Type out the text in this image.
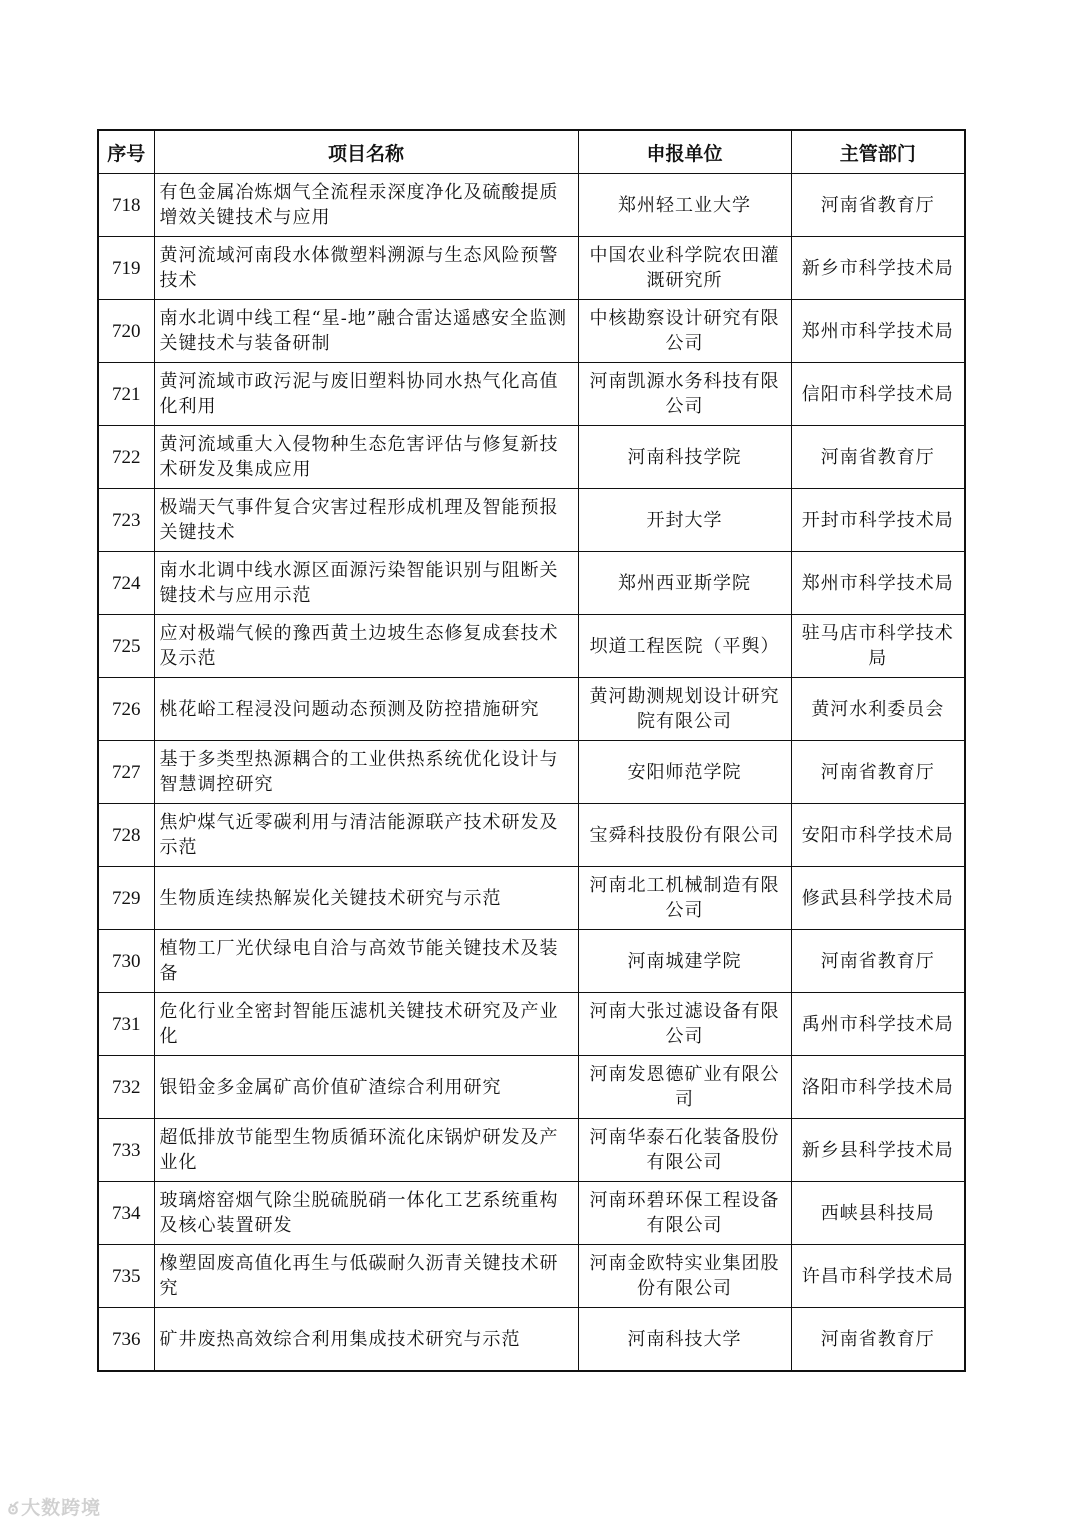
序号	项目名称	申报单位	主管部门
718	有色金属冶炼烟气全流程汞深度净化及硫酸提质增效关键技术与应用	郑州轻工业大学	河南省教育厅
719	黄河流域河南段水体微塑料溯源与生态风险预警技术	中国农业科学院农田灌溉研究所	新乡市科学技术局
720	南水北调中线工程“星-地”融合雷达遥感安全监测关键技术与装备研制	中核勘察设计研究有限公司	郑州市科学技术局
721	黄河流域市政污泥与废旧塑料协同水热气化高值化利用	河南凯源水务科技有限公司	信阳市科学技术局
722	黄河流域重大入侵物种生态危害评估与修复新技术研发及集成应用	河南科技学院	河南省教育厅
723	极端天气事件复合灾害过程形成机理及智能预报关键技术	开封大学	开封市科学技术局
724	南水北调中线水源区面源污染智能识别与阻断关键技术与应用示范	郑州西亚斯学院	郑州市科学技术局
725	应对极端气候的豫西黄土边坡生态修复成套技术及示范	坝道工程医院（平舆）	驻马店市科学技术局
726	桃花峪工程浸没问题动态预测及防控措施研究	黄河勘测规划设计研究院有限公司	黄河水利委员会
727	基于多类型热源耦合的工业供热系统优化设计与智慧调控研究	安阳师范学院	河南省教育厅
728	焦炉煤气近零碳利用与清洁能源联产技术研发及示范	宝舜科技股份有限公司	安阳市科学技术局
729	生物质连续热解炭化关键技术研究与示范	河南北工机械制造有限公司	修武县科学技术局
730	植物工厂光伏绿电自洽与高效节能关键技术及装备	河南城建学院	河南省教育厅
731	危化行业全密封智能压滤机关键技术研究及产业化	河南大张过滤设备有限公司	禹州市科学技术局
732	银铅金多金属矿高价值矿渣综合利用研究	河南发恩德矿业有限公司	洛阳市科学技术局
733	超低排放节能型生物质循环流化床锅炉研发及产业化	河南华泰石化装备股份有限公司	新乡县科学技术局
734	玻璃熔窑烟气除尘脱硫脱硝一体化工艺系统重构及核心装置研发	河南环碧环保工程设备有限公司	西峡县科技局
735	橡塑固废高值化再生与低碳耐久沥青关键技术研究	河南金欧特实业集团股份有限公司	许昌市科学技术局
736	矿井废热高效综合利用集成技术研究与示范	河南科技大学	河南省教育厅
ఠ 大数跨境
